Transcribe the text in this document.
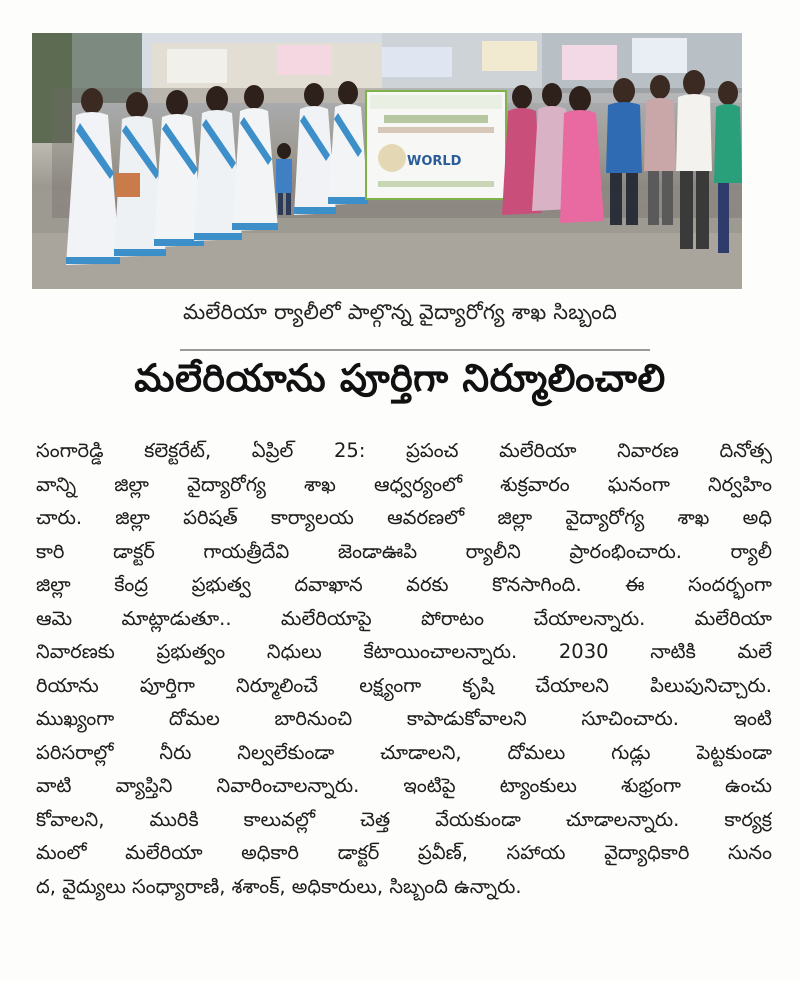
WORLD
మలేరియా ర్యాలీలో పాల్గొన్న వైద్యారోగ్య శాఖ సిబ్బంది
మలేరియాను పూర్తిగా నిర్మూలించాలి
సంగారెడ్డి కలెక్టరేట్, ఏప్రిల్ 25: ప్రపంచ మలేరియా నివారణ దినోత్స
వాన్ని జిల్లా వైద్యారోగ్య శాఖ ఆధ్వర్యంలో శుక్రవారం ఘనంగా నిర్వహిం
చారు. జిల్లా పరిషత్ కార్యాలయ ఆవరణలో జిల్లా వైద్యారోగ్య శాఖ అధి
కారి డాక్టర్ గాయత్రీదేవి జెండాఊపి ర్యాలీని ప్రారంభించారు. ర్యాలీ
జిల్లా కేంద్ర ప్రభుత్వ దవాఖాన వరకు కొనసాగింది. ఈ సందర్భంగా
ఆమె మాట్లాడుతూ.. మలేరియాపై పోరాటం చేయాలన్నారు. మలేరియా
నివారణకు ప్రభుత్వం నిధులు కేటాయించాలన్నారు. 2030 నాటికి మలే
రియాను పూర్తిగా నిర్మూలించే లక్ష్యంగా కృషి చేయాలని పిలుపునిచ్చారు.
ముఖ్యంగా దోమల బారినుంచి కాపాడుకోవాలని సూచించారు. ఇంటి
పరిసరాల్లో నీరు నిల్వలేకుండా చూడాలని, దోమలు గుడ్లు పెట్టకుండా
వాటి వ్యాప్తిని నివారించాలన్నారు. ఇంటిపై ట్యాంకులు శుభ్రంగా ఉంచు
కోవాలని, మురికి కాలువల్లో చెత్త వేయకుండా చూడాలన్నారు. కార్యక్ర
మంలో మలేరియా అధికారి డాక్టర్ ప్రవీణ్, సహాయ వైద్యాధికారి సునం
ద, వైద్యులు సంధ్యారాణి, శశాంక్, అధికారులు, సిబ్బంది ఉన్నారు.
